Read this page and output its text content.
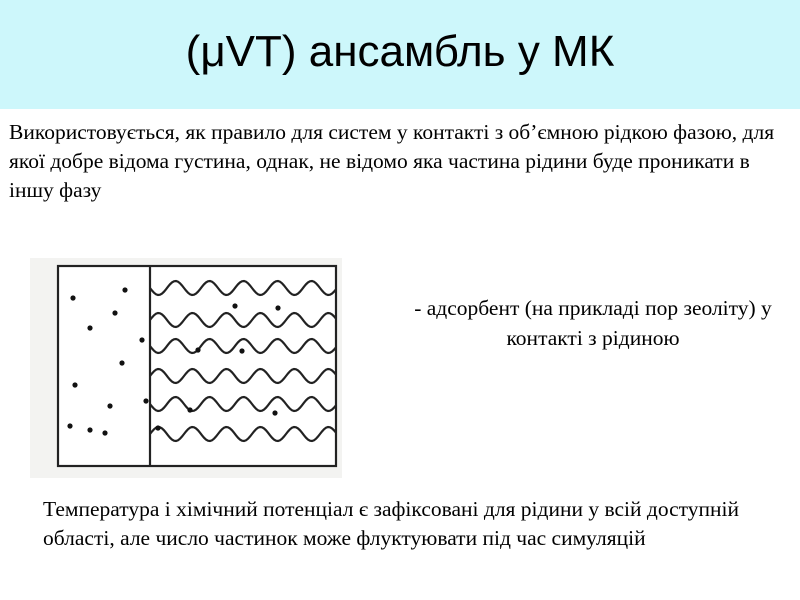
(μVT) ансамбль у МК

Використовується, як правило для систем у контакті з об’ємною рідкою фазою, для якої добре відома густина, однак, не відомо яка частина рідини буде проникати в іншу фазу

- адсорбент (на прикладі пор зеоліту) у контакті з рідиною

Температура і хімічний потенціал є зафіксовані для рідини у всій доступній області, але число частинок може флуктуювати під час симуляцій
